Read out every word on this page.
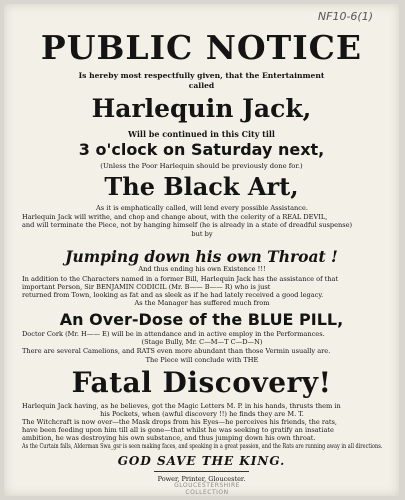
NF10-6(1)
PUBLIC NOTICE
Is hereby most respectfully given, that the Entertainment
called
Harlequin Jack,
Will be continued in this City till
3 o'clock on Saturday next,
(Unless the Poor Harlequin should be previously done for.)
The Black Art,
As it is emphatically called, will lend every possible Assistance.
Harlequin Jack will writhe, and chop and change about, with the celerity of a REAL DEVIL,
and will terminate the Piece, not by hanging himself (he is already in a state of dreadful suspense)
but by
Jumping down his own Throat !
And thus ending his own Existence !!!
In addition to the Characters named in a former Bill, Harlequin Jack has the assistance of that
important Person, Sir BENJAMIN CODICIL (Mr. B—— B—— R) who is just
returned from Town, looking as fat and as sleek as if he had lately received a good legacy.
As the Manager has suffered much from
An Over-Dose of the BLUE PILL,
Doctor Cork (Mr. H—— E) will be in attendance and in active employ in the Performances.
(Stage Bully, Mr. C—M—T C—D—N)
There are several Camelions, and RATS even more abundant than those Vermin usually are.
The Piece will conclude with THE
Fatal Discovery!
Harlequin Jack having, as he believes, got the Magic Letters M. P. in his hands, thrusts them in
his Pockets, when (awful discovery !!) he finds they are M. T.
The Witchcraft is now over—the Mask drops from his Eyes—he perceives his friends, the rats,
have been feeding upon him till all is gone—that whilst he was seeking to gratify an insatiate
ambition, he was destroying his own substance, and thus jumping down his own throat.
As the Curtain falls, Alderman Swa_gsr is seen making faces, and speaking in a great passion, and the Rats are running away in all directions.
GOD SAVE THE KING.
Power, Printer, Gloucester.
GLOUCESTERSHIRE
COLLECTION
